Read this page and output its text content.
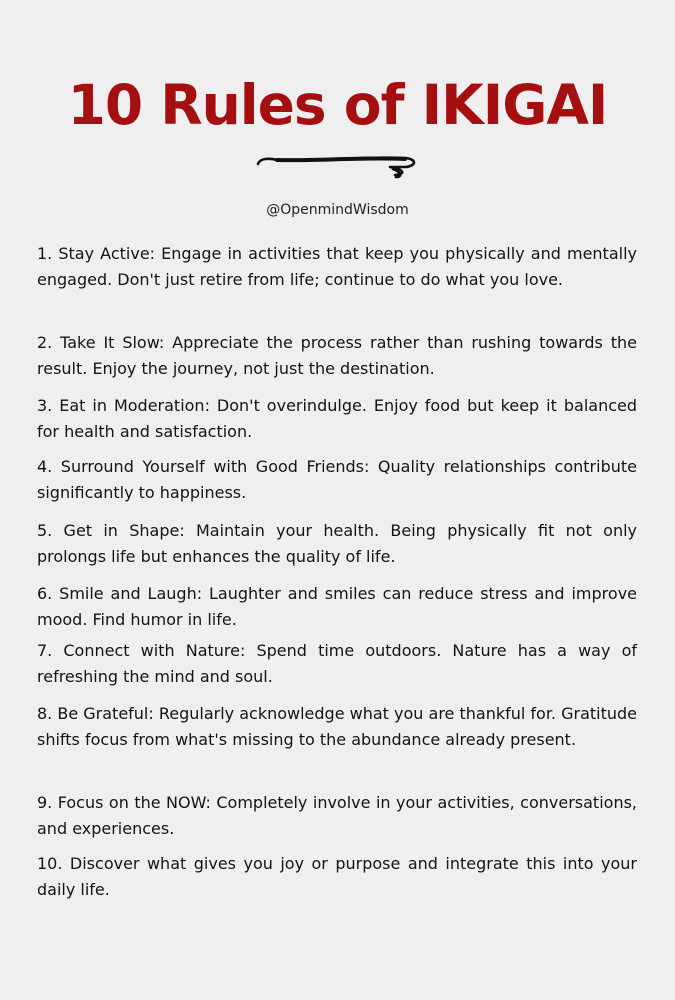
10 Rules of IKIGAI

@OpenmindWisdom

1. Stay Active: Engage in activities that keep you physically and mentally engaged. Don't just retire from life; continue to do what you love.
2. Take It Slow: Appreciate the process rather than rushing towards the result. Enjoy the journey, not just the destination.
3. Eat in Moderation: Don't overindulge. Enjoy food but keep it balanced for health and satisfaction.
4. Surround Yourself with Good Friends: Quality relationships contribute significantly to happiness.
5. Get in Shape: Maintain your health. Being physically fit not only prolongs life but enhances the quality of life.
6. Smile and Laugh: Laughter and smiles can reduce stress and improve mood. Find humor in life.
7. Connect with Nature: Spend time outdoors. Nature has a way of refreshing the mind and soul.
8. Be Grateful: Regularly acknowledge what you are thankful for. Gratitude shifts focus from what's missing to the abundance already present.
9. Focus on the NOW: Completely involve in your activities, conversations, and experiences.
10. Discover what gives you joy or purpose and integrate this into your daily life.
